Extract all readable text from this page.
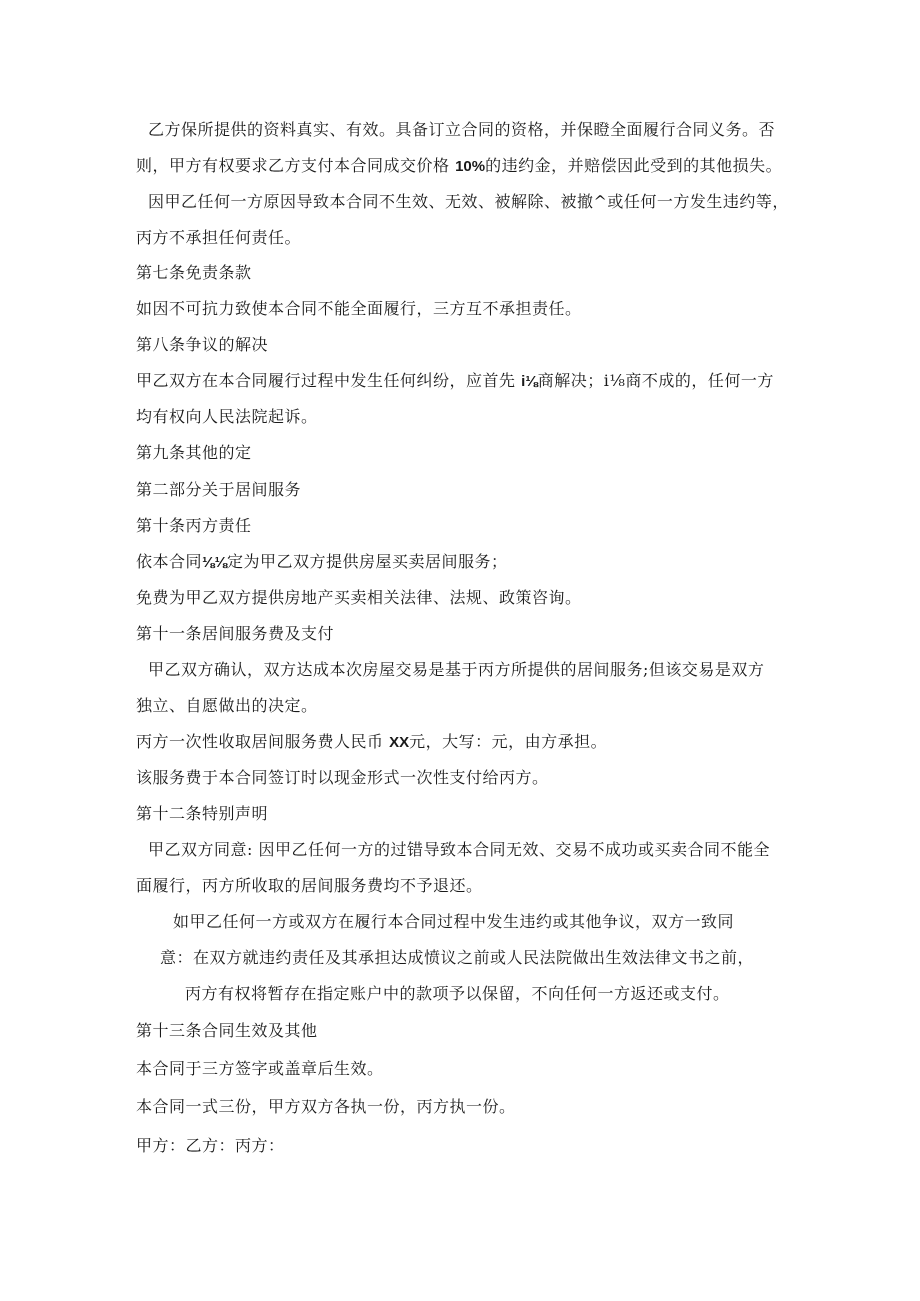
乙方保所提供的资料真实、有效。具备订立合同的资格，并保瞪全面履行合同义务。否
则，甲方有权要求乙方支付本合同成交价格 10%的违约金，并赔偿因此受到的其他损失。
因甲乙任何一方原因导致本合同不生效、无效、被解除、被撤^或任何一方发生违约等，
丙方不承担任何责任。
第七条免责条款
如因不可抗力致使本合同不能全面履行，三方互不承担责任。
第八条争议的解决
甲乙双方在本合同履行过程中发生任何纠纷，应首先 i⅛商解决；i⅛商不成的，任何一方
均有权向人民法院起诉。
第九条其他的定
第二部分关于居间服务
第十条丙方责任
依本合同⅛⅛定为甲乙双方提供房屋买卖居间服务；
免费为甲乙双方提供房地产买卖相关法律、法规、政策咨询。
第十一条居间服务费及支付
甲乙双方确认，双方达成本次房屋交易是基于丙方所提供的居间服务;但该交易是双方
独立、自愿做出的决定。
丙方一次性收取居间服务费人民币 XX元，大写：元，由方承担。
该服务费于本合同签订时以现金形式一次性支付给丙方。
第十二条特别声明
甲乙双方同意: 因甲乙任何一方的过错导致本合同无效、交易不成功或买卖合同不能全
面履行，丙方所收取的居间服务费均不予退还。
如甲乙任何一方或双方在履行本合同过程中发生违约或其他争议，双方一致同
意：在双方就违约责任及其承担达成愤议之前或人民法院做出生效法律文书之前，
丙方有权将暂存在指定账户中的款项予以保留，不向任何一方返还或支付。
第十三条合同生效及其他
本合同于三方签字或盖章后生效。
本合同一式三份，甲方双方各执一份，丙方执一份。
甲方：乙方：丙方：
